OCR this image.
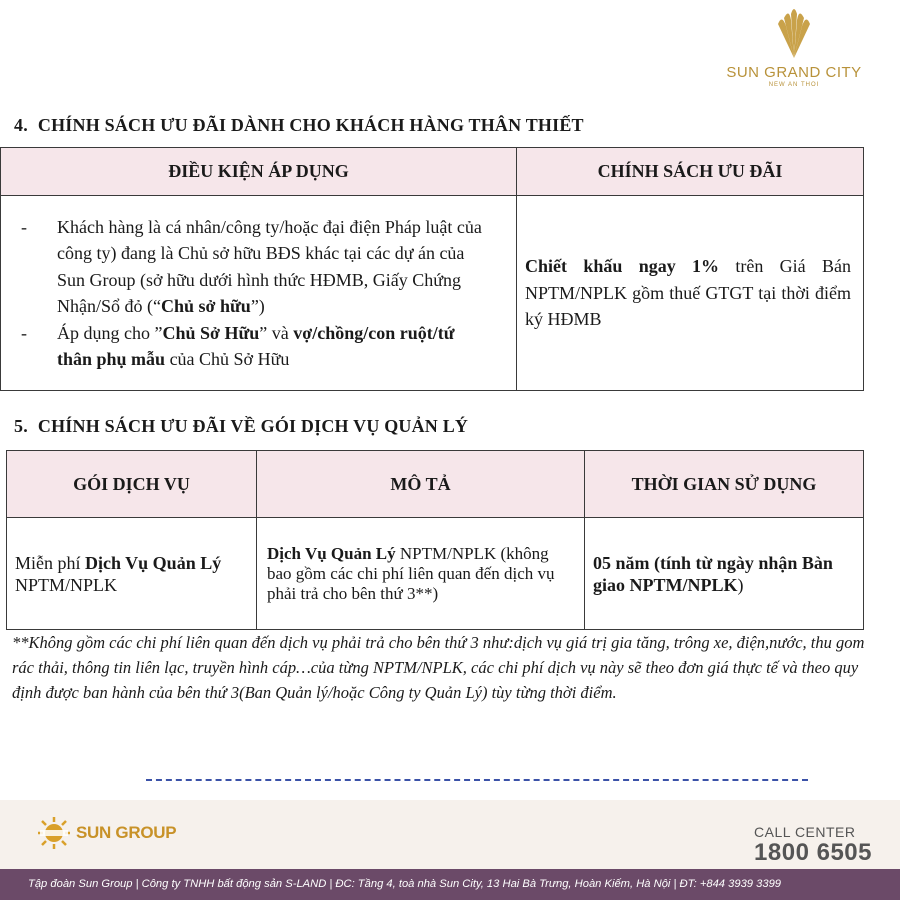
SUN GRAND CITY
NEW AN THOI
4. CHÍNH SÁCH ƯU ĐÃI DÀNH CHO KHÁCH HÀNG THÂN THIẾT
ĐIỀU KIỆN ÁP DỤNG	CHÍNH SÁCH ƯU ĐÃI

- Khách hàng là cá nhân/công ty/hoặc đại điện Pháp luật của công ty) đang là Chủ sở hữu BĐS khác tại các dự án của Sun Group (sở hữu dưới hình thức HĐMB, Giấy Chứng Nhận/Sổ đỏ (“Chủ sở hữu”)
- Áp dụng cho ”Chủ Sở Hữu” và vợ/chồng/con ruột/tứ thân phụ mẫu của Chủ Sở Hữu	Chiết khấu ngay 1% trên Giá Bán NPTM/NPLK gồm thuế GTGT tại thời điểm ký HĐMB
5. CHÍNH SÁCH ƯU ĐÃI VỀ GÓI DỊCH VỤ QUẢN LÝ
GÓI DỊCH VỤ	MÔ TẢ	THỜI GIAN SỬ DỤNG
Miễn phí Dịch Vụ Quản Lý NPTM/NPLK	Dịch Vụ Quản Lý NPTM/NPLK (không bao gồm các chi phí liên quan đến dịch vụ phải trả cho bên thứ 3**)	05 năm (tính từ ngày nhận Bàn giao NPTM/NPLK)
**Không gồm các chi phí liên quan đến dịch vụ phải trả cho bên thứ 3 như:dịch vụ giá trị gia tăng, trông xe, điện,nước, thu gom rác thải, thông tin liên lạc, truyền hình cáp…của từng NPTM/NPLK, các chi phí dịch vụ này sẽ theo đơn giá thực tế và theo quy định được ban hành của bên thứ 3(Ban Quản lý/hoặc Công ty Quản Lý) tùy từng thời điểm.
SUN GROUP	CALL CENTER
1800 6505
Tập đoàn Sun Group | Công ty TNHH bất động sản S-LAND | ĐC: Tầng 4, toà nhà Sun City, 13 Hai Bà Trưng, Hoàn Kiếm, Hà Nội | ĐT: +844 3939 3399
